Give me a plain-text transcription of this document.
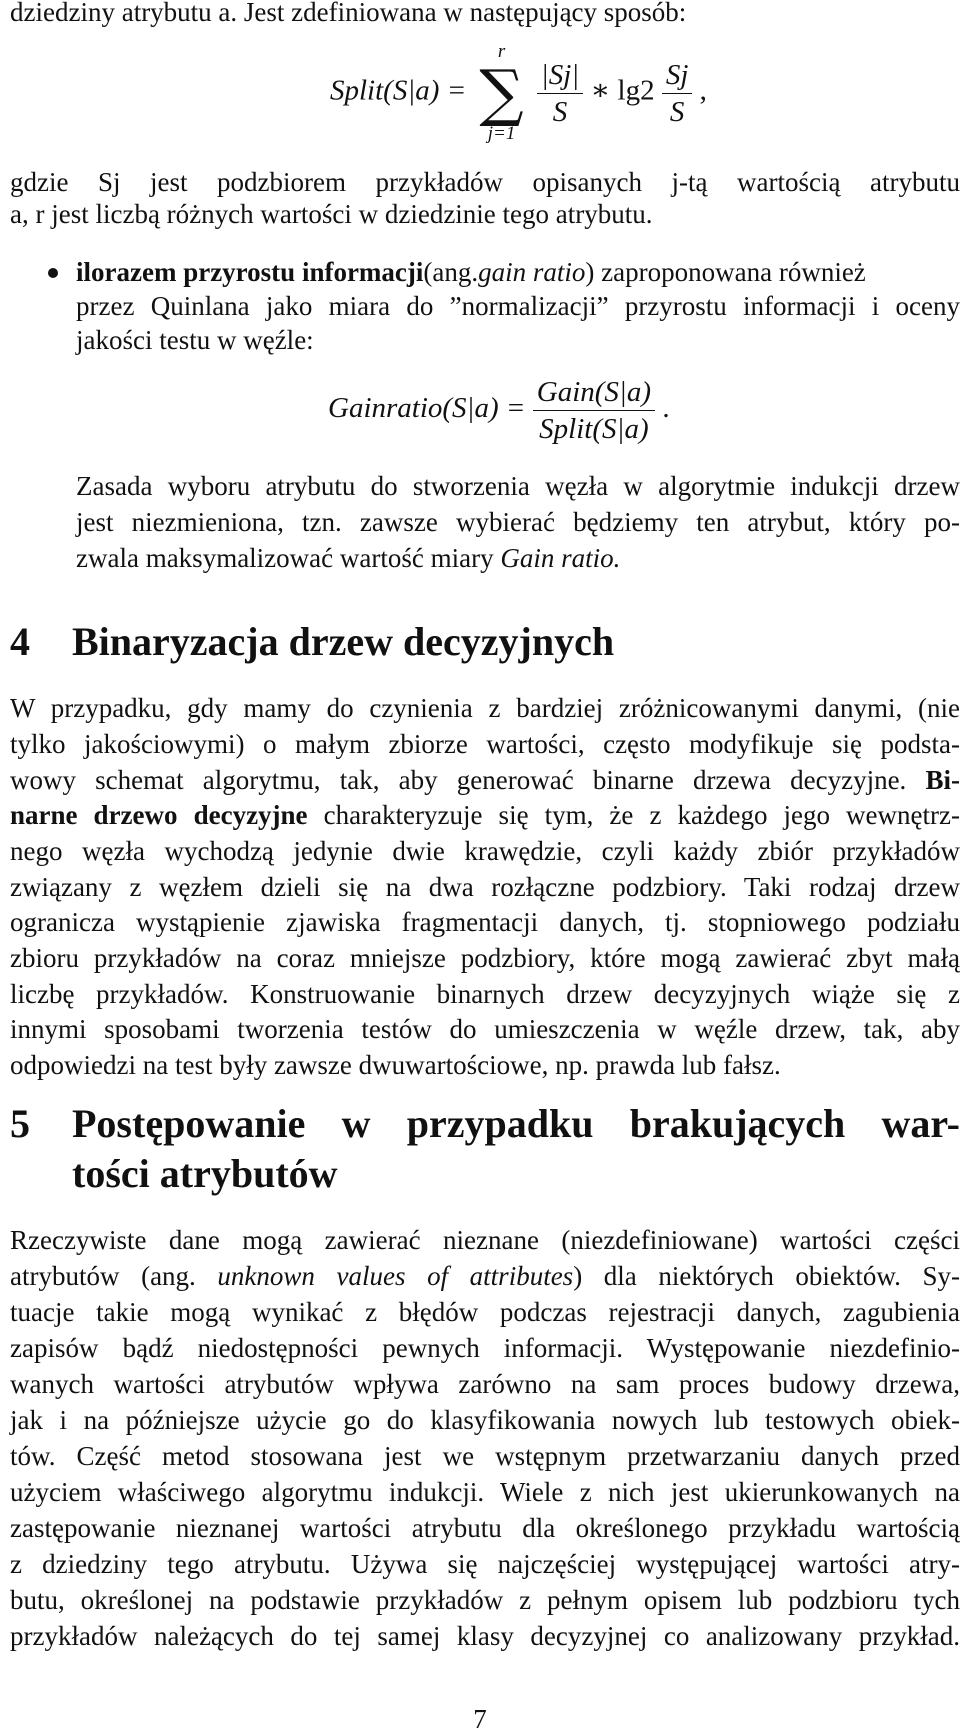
dziedziny atrybutu a. Jest zdefiniowana w następujący sposób:

Split(S|a) =
r
∑
j=1

$\frac{|Sj|}{S}$ ∗ $\lg 2 \frac{Sj}{S}$ ,

gdzie Sj jest podzbiorem przykładów opisanych j-tą wartością atrybutu

a, r jest liczbą różnych wartości w dziedzinie tego atrybutu.

ilorazem przyrostu informacji(ang.gain ratio) zaproponowana również

przez Quinlana jako miara do ”normalizacji” przyrostu informacji i oceny

jakości testu w węźle:

Gainratio(S|a) = $\frac{\text{Gain(S|a)}}{\text{Split(S|a)}}$ .

Zasada wyboru atrybutu do stworzenia węzła w algorytmie indukcji drzew

jest niezmieniona, tzn. zawsze wybierać będziemy ten atrybut, który po-

zwala maksymalizować wartość miary Gain ratio.

4 Binaryzacja drzew decyzyjnych

W przypadku, gdy mamy do czynienia z bardziej zróżnicowanymi danymi, (nie

tylko jakościowymi) o małym zbiorze wartości, często modyfikuje się podsta-

wowy schemat algorytmu, tak, aby generować binarne drzewa decyzyjne. Bi-

narne drzewo decyzyjne charakteryzuje się tym, że z każdego jego wewnętrz-

nego węzła wychodzą jedynie dwie krawędzie, czyli każdy zbiór przykładów

związany z węzłem dzieli się na dwa rozłączne podzbiory. Taki rodzaj drzew

ogranicza wystąpienie zjawiska fragmentacji danych, tj. stopniowego podziału

zbioru przykładów na coraz mniejsze podzbiory, które mogą zawierać zbyt małą

liczbę przykładów. Konstruowanie binarnych drzew decyzyjnych wiąże się z

innymi sposobami tworzenia testów do umieszczenia w węźle drzew, tak, aby

odpowiedzi na test były zawsze dwuwartościowe, np. prawda lub fałsz.

5 Postępowanie w przypadku brakujących war-
tości atrybutów

Rzeczywiste dane mogą zawierać nieznane (niezdefiniowane) wartości części

atrybutów (ang. unknown values of attributes) dla niektórych obiektów. Sy-

tuacje takie mogą wynikać z błędów podczas rejestracji danych, zagubienia

zapisów bądź niedostępności pewnych informacji. Występowanie niezdefinio-

wanych wartości atrybutów wpływa zarówno na sam proces budowy drzewa,

jak i na późniejsze użycie go do klasyfikowania nowych lub testowych obiek-

tów. Część metod stosowana jest we wstępnym przetwarzaniu danych przed

użyciem właściwego algorytmu indukcji. Wiele z nich jest ukierunkowanych na

zastępowanie nieznanej wartości atrybutu dla określonego przykładu wartością

z dziedziny tego atrybutu. Używa się najczęściej występującej wartości atry-

butu, określonej na podstawie przykładów z pełnym opisem lub podzbioru tych

przykładów należących do tej samej klasy decyzyjnej co analizowany przykład.

7
